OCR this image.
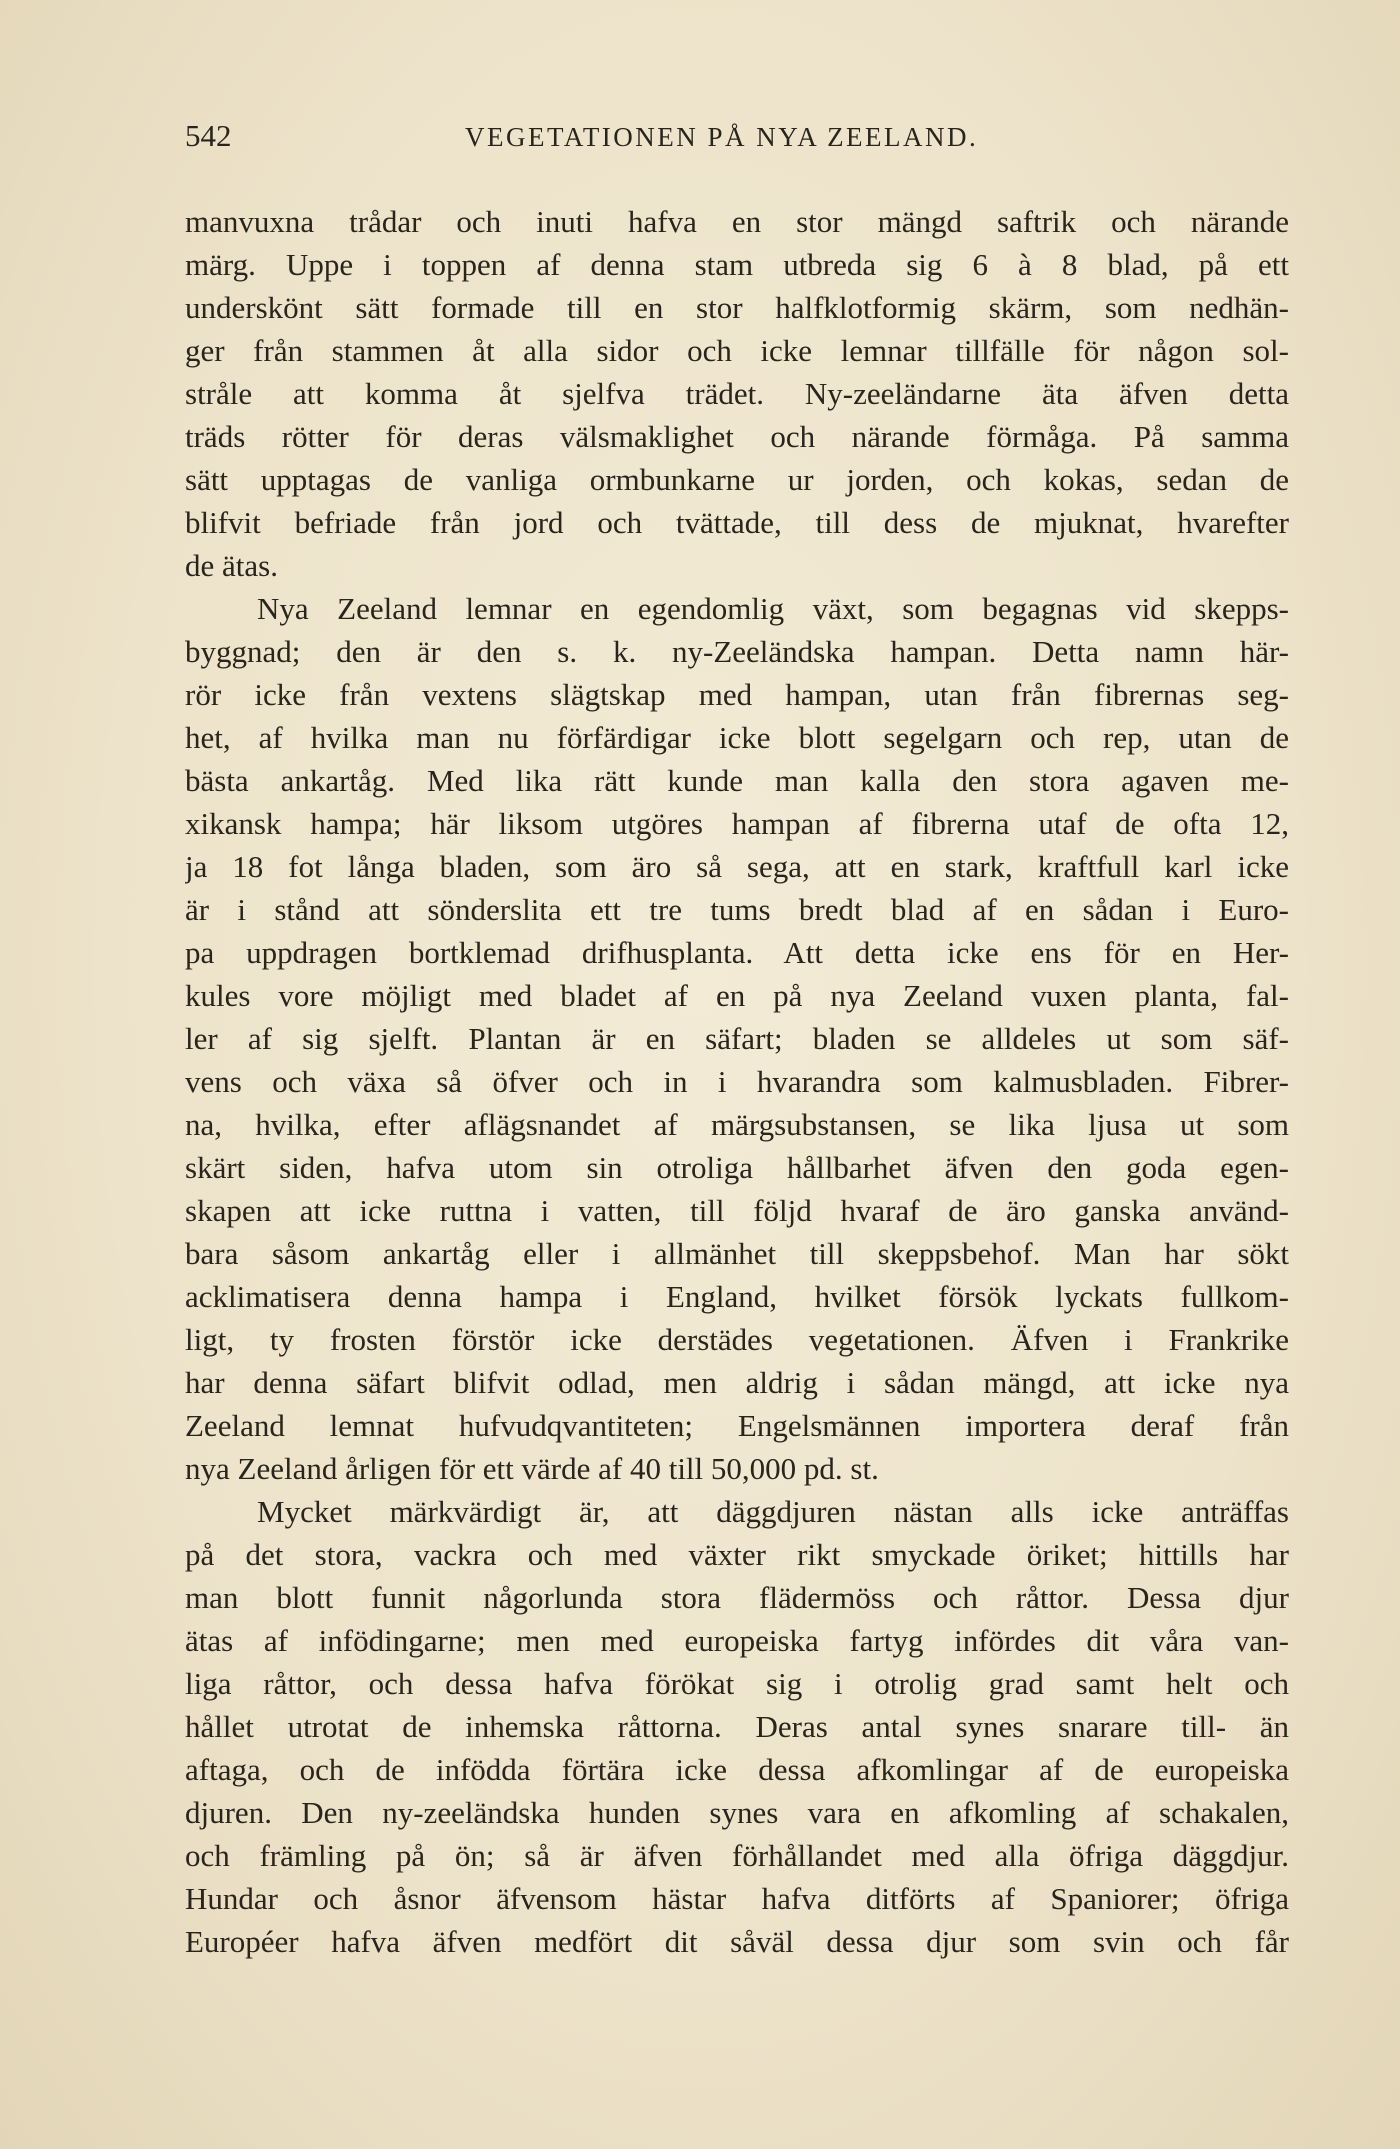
542	VEGETATIONEN PÅ NYA ZEELAND.
manvuxna trådar och inuti hafva en stor mängd saftrik och närande
märg. Uppe i toppen af denna stam utbreda sig 6 à 8 blad, på ett
underskönt sätt formade till en stor halfklotformig skärm, som nedhän-
ger från stammen åt alla sidor och icke lemnar tillfälle för någon sol-
stråle att komma åt sjelfva trädet. Ny-zeeländarne äta äfven detta
träds rötter för deras välsmaklighet och närande förmåga. På samma
sätt upptagas de vanliga ormbunkarne ur jorden, och kokas, sedan de
blifvit befriade från jord och tvättade, till dess de mjuknat, hvarefter
de ätas.
Nya Zeeland lemnar en egendomlig växt, som begagnas vid skepps-
byggnad; den är den s. k. ny-Zeeländska hampan. Detta namn här-
rör icke från vextens slägtskap med hampan, utan från fibrernas seg-
het, af hvilka man nu förfärdigar icke blott segelgarn och rep, utan de
bästa ankartåg. Med lika rätt kunde man kalla den stora agaven me-
xikansk hampa; här liksom utgöres hampan af fibrerna utaf de ofta 12,
ja 18 fot långa bladen, som äro så sega, att en stark, kraftfull karl icke
är i stånd att sönderslita ett tre tums bredt blad af en sådan i Euro-
pa uppdragen bortklemad drifhusplanta. Att detta icke ens för en Her-
kules vore möjligt med bladet af en på nya Zeeland vuxen planta, fal-
ler af sig sjelft. Plantan är en säfart; bladen se alldeles ut som säf-
vens och växa så öfver och in i hvarandra som kalmusbladen. Fibrer-
na, hvilka, efter aflägsnandet af märgsubstansen, se lika ljusa ut som
skärt siden, hafva utom sin otroliga hållbarhet äfven den goda egen-
skapen att icke ruttna i vatten, till följd hvaraf de äro ganska använd-
bara såsom ankartåg eller i allmänhet till skeppsbehof. Man har sökt
acklimatisera denna hampa i England, hvilket försök lyckats fullkom-
ligt, ty frosten förstör icke derstädes vegetationen. Äfven i Frankrike
har denna säfart blifvit odlad, men aldrig i sådan mängd, att icke nya
Zeeland lemnat hufvudqvantiteten; Engelsmännen importera deraf från
nya Zeeland årligen för ett värde af 40 till 50,000 pd. st.
Mycket märkvärdigt är, att däggdjuren nästan alls icke anträffas
på det stora, vackra och med växter rikt smyckade öriket; hittills har
man blott funnit någorlunda stora flädermöss och råttor. Dessa djur
ätas af infödingarne; men med europeiska fartyg infördes dit våra van-
liga råttor, och dessa hafva förökat sig i otrolig grad samt helt och
hållet utrotat de inhemska råttorna. Deras antal synes snarare till- än
aftaga, och de infödda förtära icke dessa afkomlingar af de europeiska
djuren. Den ny-zeeländska hunden synes vara en afkomling af schakalen,
och främling på ön; så är äfven förhållandet med alla öfriga däggdjur.
Hundar och åsnor äfvensom hästar hafva ditförts af Spaniorer; öfriga
Européer hafva äfven medfört dit såväl dessa djur som svin och får
